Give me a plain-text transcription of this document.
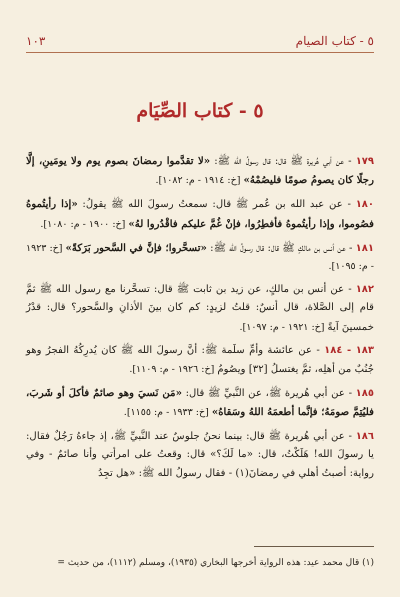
٥ - كتاب الصيام
١٠٣
٥ - كتاب الصِّيَام

١٧٩ - عن أبي هُريرة ﷺ قال: قال رسولُ الله ﷺ: «لا تقدَّموا رمضانَ بصوم يوم ولا يومَينِ، إلَّا رجلًا كان يصومُ صومًا فليصُمْهُ» [خ: ١٩١٤ - م: ١٠٨٢].

١٨٠ - عن عبد الله بن عُمر ﷺ قال: سمعتُ رسولَ الله ﷺ يقولُ: «إذا رأيتُموهُ فصُوموا، وإذا رأيتُموهُ فأفطِرُوا، فإنْ غُمَّ عليكم فاقْدُروا لهُ» [خ: ١٩٠٠ - م: ١٠٨٠].

١٨١ - عن أنس بن مالكٍ ﷺ قال: قال رسولُ الله ﷺ: «تسحَّروا؛ فإنَّ في السَّحور بَرَكةً» [خ: ١٩٢٣ - م: ١٠٩٥].

١٨٢ - عن أنس بن مالكٍ، عن زيد بن ثابت ﷺ قال: تسحَّرنا مع رسول الله ﷺ ثمَّ قام إلى الصَّلاة، قال أنسٌ: قلتُ لزيدٍ: كم كان بينَ الأذانِ والسَّحور؟ قال: قدْرُ خمسينَ آيةً [خ: ١٩٢١ - م: ١٠٩٧].

١٨٣ - ١٨٤ - عن عائشة وأمِّ سلَمة ﷺ: أنَّ رسولَ الله ﷺ كان يُدرِكُهُ الفجرُ وهو جُنُبٌ من أهلِه، ثمَّ يغتسلُ [٣٢] ويصُومُ [خ: ١٩٢٦ - م: ١١٠٩].

١٨٥ - عن أبي هُريرة ﷺ، عن النَّبيِّ ﷺ قال: «مَن نَسيَ وهو صائمٌ فأكلَ أو شَربَ، فليُتِمَّ صومَهُ؛ فإنَّما أطعمَهُ اللهُ وسَقاهُ» [خ: ١٩٣٣ - م: ١١٥٥].

١٨٦ - عن أبي هُريرة ﷺ قال: بينما نحنُ جلوسٌ عند النَّبيِّ ﷺ، إذ جاءهُ رَجُلٌ فقال: يا رسولَ الله! هَلَكْتُ، قال: «ما لَكَ؟» قال: وقعتُ على امرأتي وأنا صائمٌ - وفي رواية: أصبتُ أهلي في رمضانَ(١) - فقال رسولُ الله ﷺ: «هل تجِدُ

(١) قال محمد عيد: هذه الرواية أخرجها البخاري (١٩٣٥)، ومسلم (١١١٢)، من حديث =
